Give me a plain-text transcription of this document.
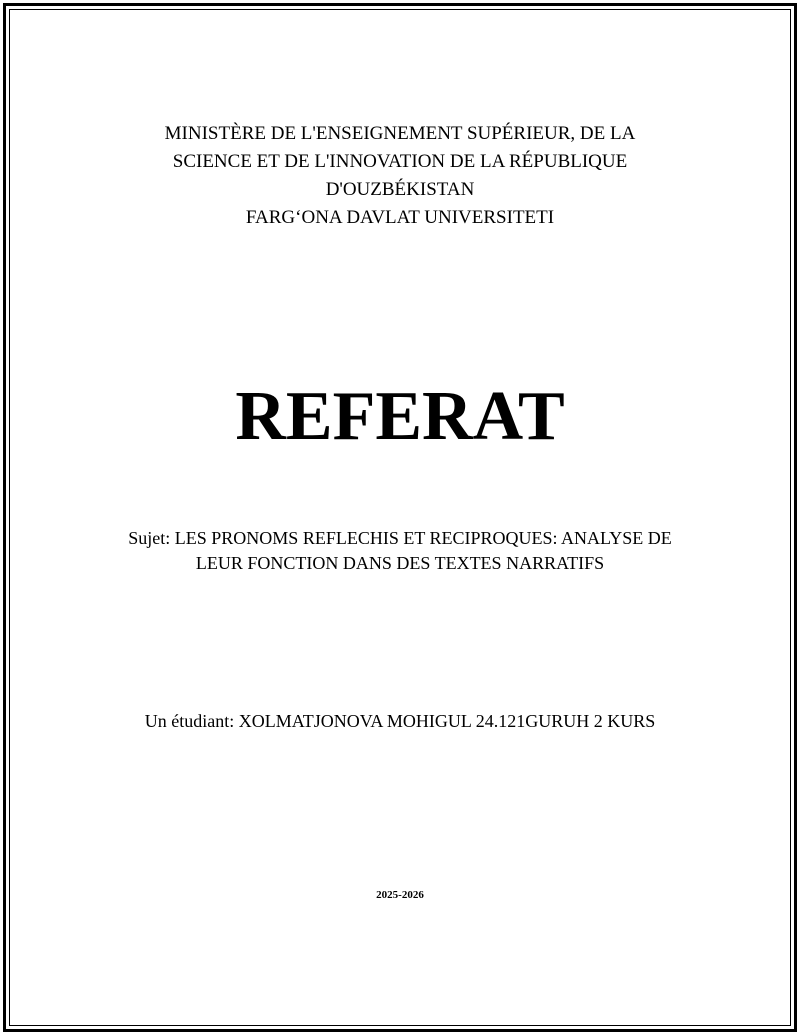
MINISTÈRE DE L'ENSEIGNEMENT SUPÉRIEUR, DE LA
SCIENCE ET DE L'INNOVATION DE LA RÉPUBLIQUE
D'OUZBÉKISTAN
FARG‘ONA DAVLAT UNIVERSITETI
REFERAT
Sujet: LES PRONOMS REFLECHIS ET RECIPROQUES: ANALYSE DE
LEUR FONCTION DANS DES TEXTES NARRATIFS
Un étudiant: XOLMATJONOVA MOHIGUL 24.121GURUH 2 KURS
2025-2026
